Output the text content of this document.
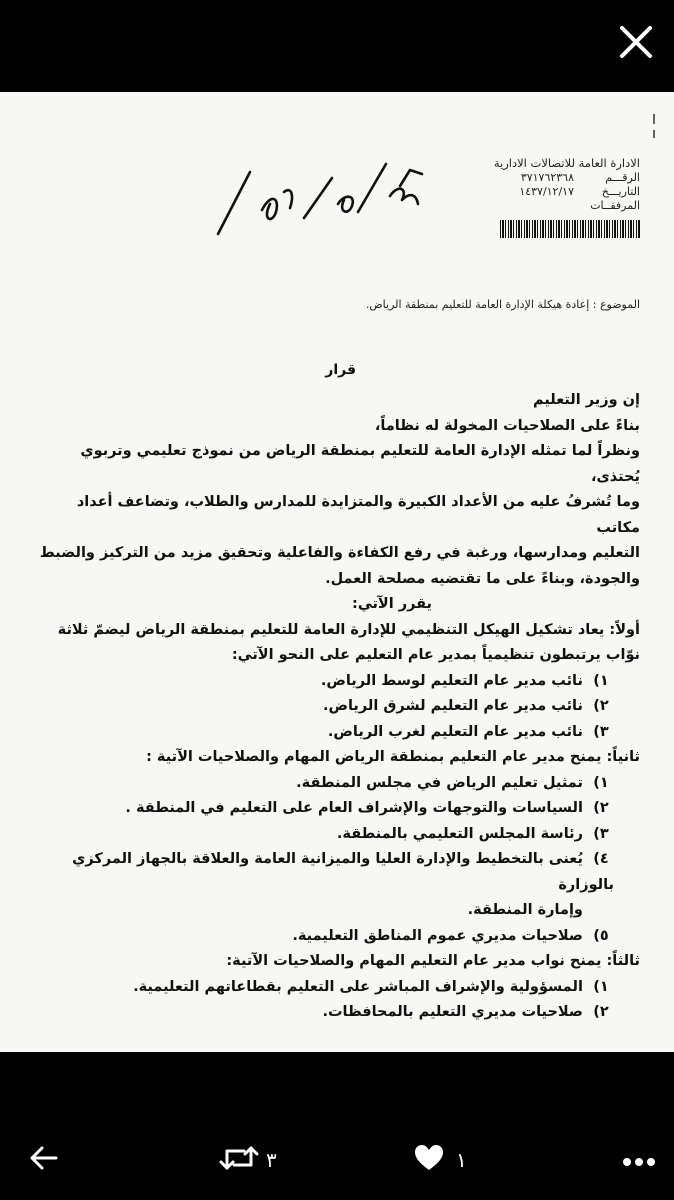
الادارة العامة للاتصالات الادارية
الرقـــم
٣٧١٧٦٢٣٦٨
التاريـــخ
١٤٣٧/١٢/١٧
المرفقــات
الموضوع : إعادة هيكلة الإدارة العامة للتعليم بمنطقة الرياض.
قرار

إن وزير التعليم

بناءً على الصلاحيات المخولة له نظاماً،

ونظراً لما تمثله الإدارة العامة للتعليم بمنطقة الرياض من نموذج تعليمي وتربوي يُحتذى،

وما تُشرفُ عليه من الأعداد الكبيرة والمتزايدة للمدارس والطلاب، وتضاعف أعداد مكاتب

التعليم ومدارسها، ورغبة في رفع الكفاءة والفاعلية وتحقيق مزيد من التركيز والضبط

والجودة، وبناءً على ما تقتضيه مصلحة العمل.

يقرر الآتي:

أولاً: يعاد تشكيل الهيكل التنظيمي للإدارة العامة للتعليم بمنطقة الرياض ليضمّ ثلاثة

نوّاب يرتبطون تنظيمياً بمدير عام التعليم على النحو الآتي:

١) نائب مدير عام التعليم لوسط الرياض.

٢) نائب مدير عام التعليم لشرق الرياض.

٣) نائب مدير عام التعليم لغرب الرياض.

ثانياً: يمنح مدير عام التعليم بمنطقة الرياض المهام والصلاحيات الآتية :

١) تمثيل تعليم الرياض في مجلس المنطقة.

٢) السياسات والتوجهات والإشراف العام على التعليم في المنطقة .

٣) رئاسة المجلس التعليمي بالمنطقة.

٤) يُعنى بالتخطيط والإدارة العليا والميزانية العامة والعلاقة بالجهاز المركزي بالوزارة

وإمارة المنطقة.

٥) صلاحيات مديري عموم المناطق التعليمية.

ثالثاً: يمنح نواب مدير عام التعليم المهام والصلاحيات الآتية:

١) المسؤولية والإشراف المباشر على التعليم بقطاعاتهم التعليمية.

٢) صلاحيات مديري التعليم بالمحافظات.

٣	١
